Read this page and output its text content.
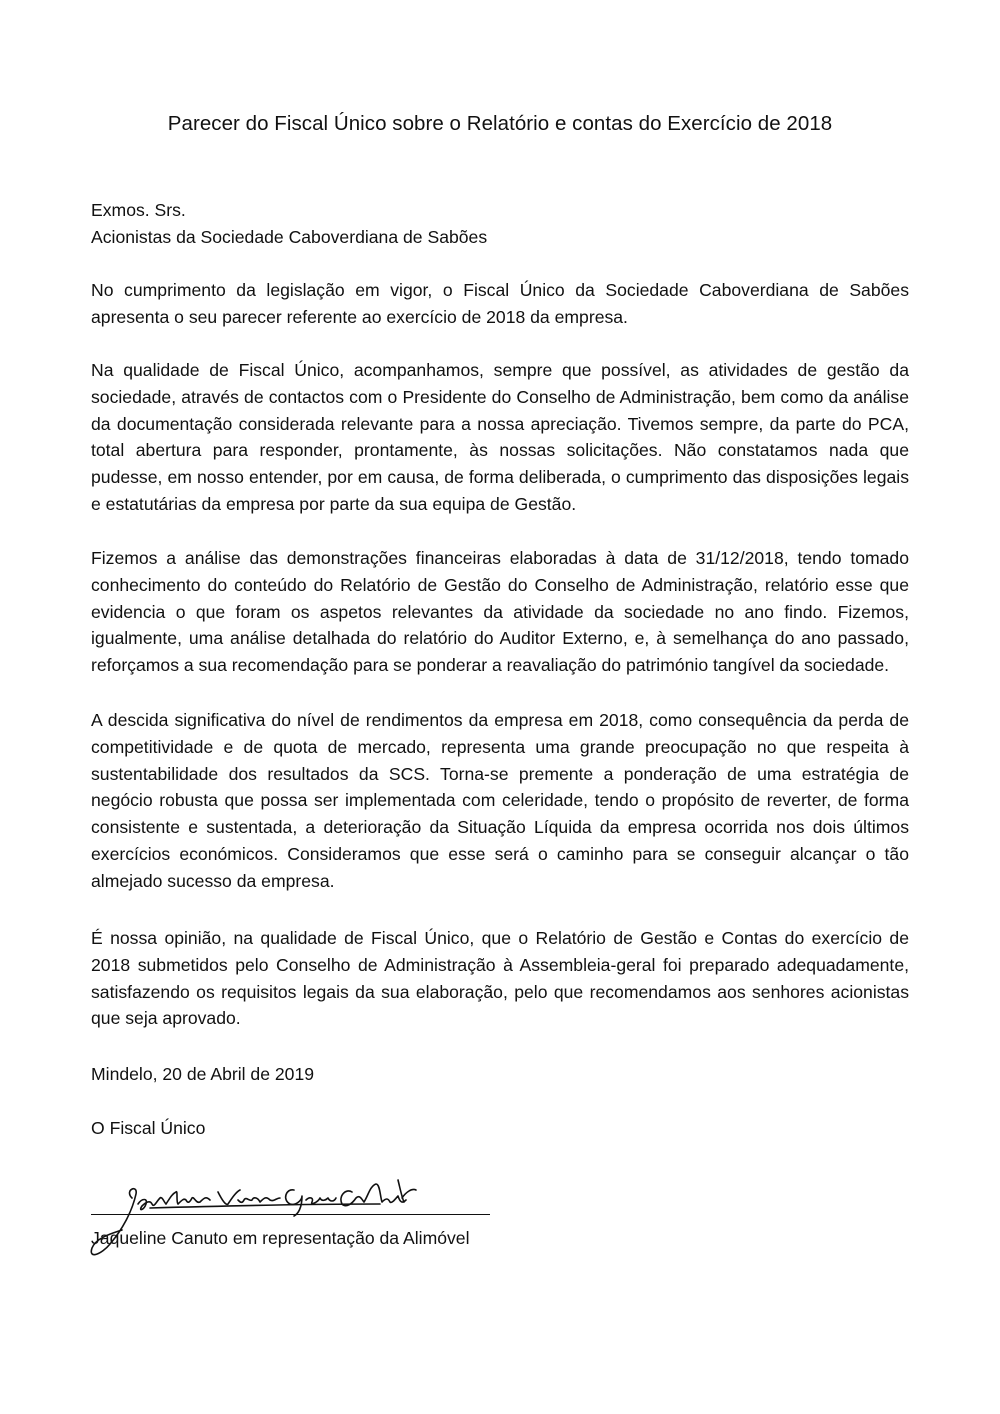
Parecer do Fiscal Único sobre o Relatório e contas do Exercício de 2018
Exmos. Srs.
Acionistas da Sociedade Caboverdiana de Sabões

No cumprimento da legislação em vigor, o Fiscal Único da Sociedade Caboverdiana de Sabões apresenta o seu parecer referente ao exercício de 2018 da empresa.

Na qualidade de Fiscal Único, acompanhamos, sempre que possível, as atividades de gestão da sociedade, através de contactos com o Presidente do Conselho de Administração, bem como da análise da documentação considerada relevante para a nossa apreciação. Tivemos sempre, da parte do PCA, total abertura para responder, prontamente, às nossas solicitações. Não constatamos nada que pudesse, em nosso entender, por em causa, de forma deliberada, o cumprimento das disposições legais e estatutárias da empresa por parte da sua equipa de Gestão.

Fizemos a análise das demonstrações financeiras elaboradas à data de 31/12/2018, tendo tomado conhecimento do conteúdo do Relatório de Gestão do Conselho de Administração, relatório esse que evidencia o que foram os aspetos relevantes da atividade da sociedade no ano findo. Fizemos, igualmente, uma análise detalhada do relatório do Auditor Externo, e, à semelhança do ano passado, reforçamos a sua recomendação para se ponderar a reavaliação do património tangível da sociedade.

A descida significativa do nível de rendimentos da empresa em 2018, como consequência da perda de competitividade e de quota de mercado, representa uma grande preocupação no que respeita à sustentabilidade dos resultados da SCS. Torna-se premente a ponderação de uma estratégia de negócio robusta que possa ser implementada com celeridade, tendo o propósito de reverter, de forma consistente e sustentada, a deterioração da Situação Líquida da empresa ocorrida nos dois últimos exercícios económicos. Consideramos que esse será o caminho para se conseguir alcançar o tão almejado sucesso da empresa.

É nossa opinião, na qualidade de Fiscal Único, que o Relatório de Gestão e Contas do exercício de 2018 submetidos pelo Conselho de Administração à Assembleia-geral foi preparado adequadamente, satisfazendo os requisitos legais da sua elaboração, pelo que recomendamos aos senhores acionistas que seja aprovado.

Mindelo, 20 de Abril de 2019
O Fiscal Único
Jaqueline Canuto em representação da Alimóvel
